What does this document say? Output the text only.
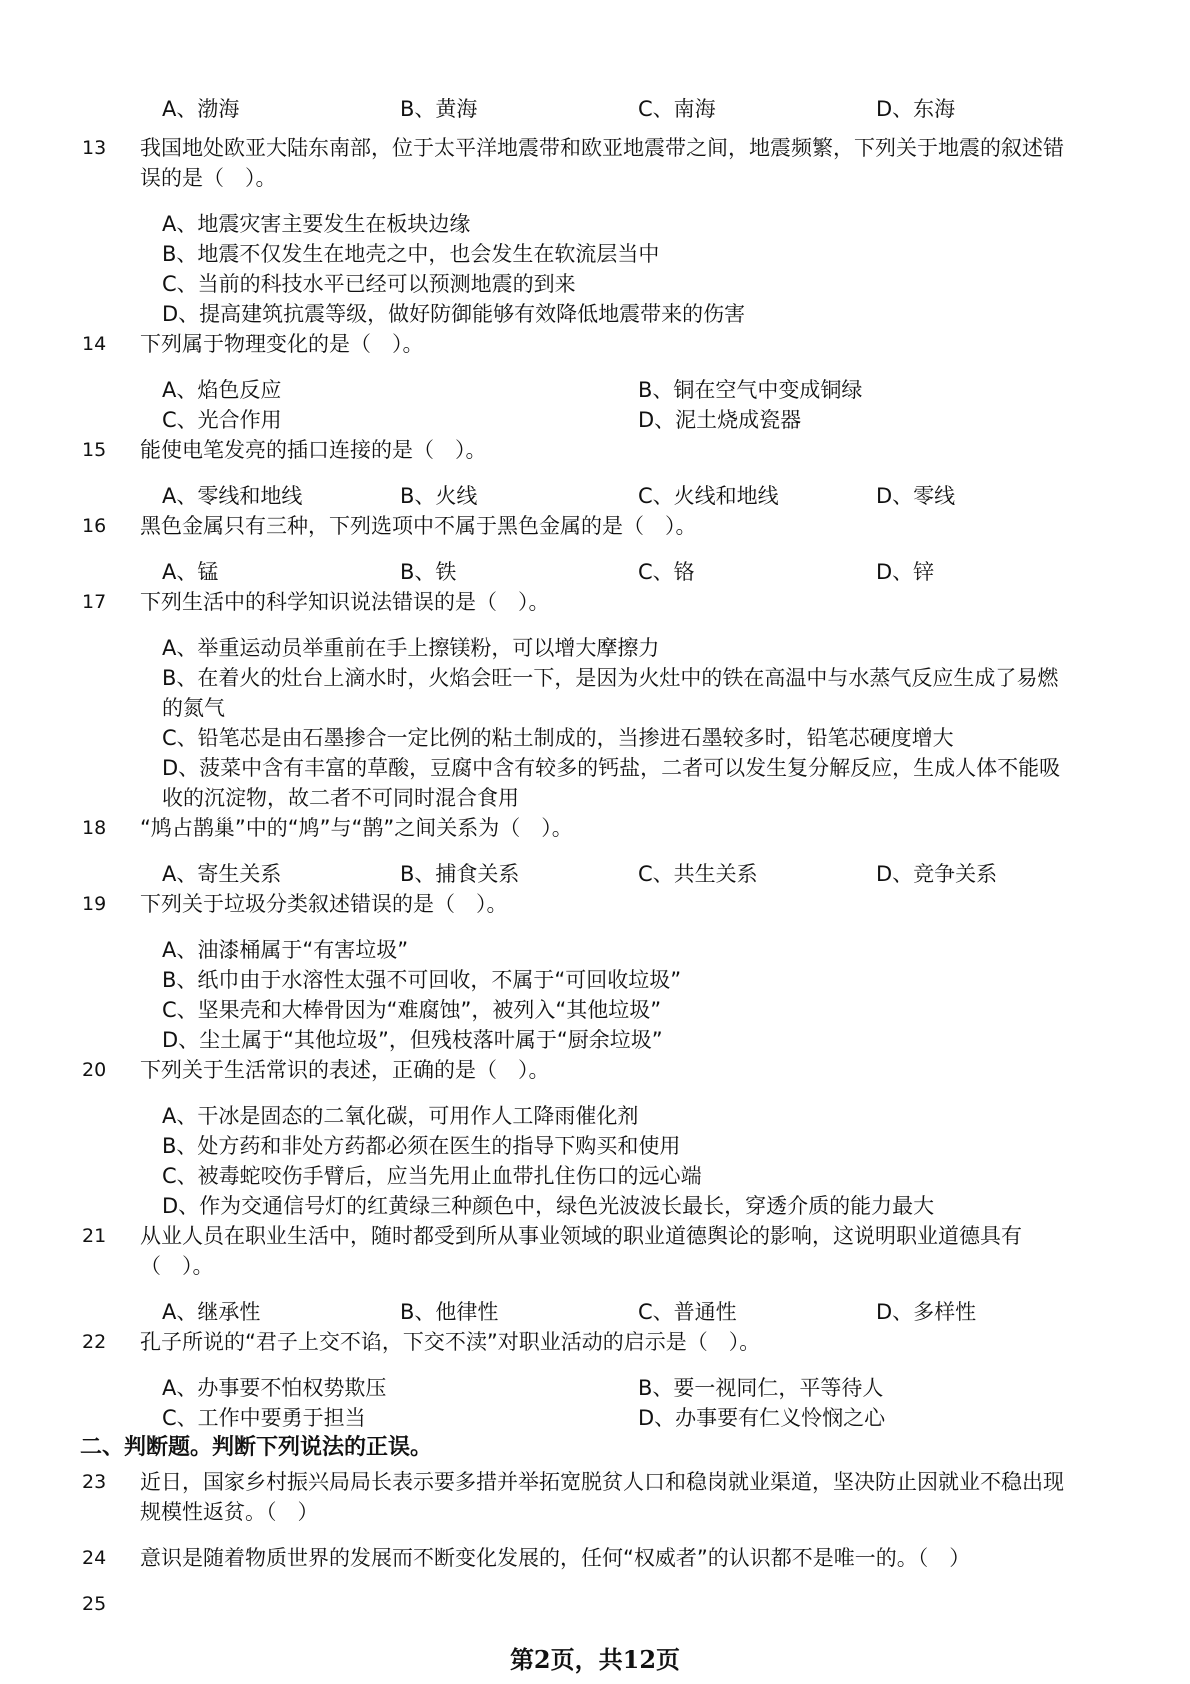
A、渤海	B、黄海	C、南海	D、东海
13 我国地处欧亚大陆东南部，位于太平洋地震带和欧亚地震带之间，地震频繁，下列关于地震的叙述错误的是（　）。
A、地震灾害主要发生在板块边缘
B、地震不仅发生在地壳之中，也会发生在软流层当中
C、当前的科技水平已经可以预测地震的到来
D、提高建筑抗震等级，做好防御能够有效降低地震带来的伤害
14 下列属于物理变化的是（　）。
A、焰色反应	B、铜在空气中变成铜绿
C、光合作用	D、泥土烧成瓷器
15 能使电笔发亮的插口连接的是（　）。
A、零线和地线	B、火线	C、火线和地线	D、零线
16 黑色金属只有三种，下列选项中不属于黑色金属的是（　）。
A、锰	B、铁	C、铬	D、锌
17 下列生活中的科学知识说法错误的是（　）。
A、举重运动员举重前在手上擦镁粉，可以增大摩擦力
B、在着火的灶台上滴水时，火焰会旺一下，是因为火灶中的铁在高温中与水蒸气反应生成了易燃的氮气
C、铅笔芯是由石墨掺合一定比例的粘土制成的，当掺进石墨较多时，铅笔芯硬度增大
D、菠菜中含有丰富的草酸，豆腐中含有较多的钙盐，二者可以发生复分解反应，生成人体不能吸收的沉淀物，故二者不可同时混合食用
18 “鸠占鹊巢”中的“鸠”与“鹊”之间关系为（　）。
A、寄生关系	B、捕食关系	C、共生关系	D、竞争关系
19 下列关于垃圾分类叙述错误的是（　）。
A、油漆桶属于“有害垃圾”
B、纸巾由于水溶性太强不可回收，不属于“可回收垃圾”
C、坚果壳和大棒骨因为“难腐蚀”，被列入“其他垃圾”
D、尘土属于“其他垃圾”，但残枝落叶属于“厨余垃圾”
20 下列关于生活常识的表述，正确的是（　）。
A、干冰是固态的二氧化碳，可用作人工降雨催化剂
B、处方药和非处方药都必须在医生的指导下购买和使用
C、被毒蛇咬伤手臂后，应当先用止血带扎住伤口的远心端
D、作为交通信号灯的红黄绿三种颜色中，绿色光波波长最长，穿透介质的能力最大
21 从业人员在职业生活中，随时都受到所从事业领域的职业道德舆论的影响，这说明职业道德具有（　）。
A、继承性	B、他律性	C、普通性	D、多样性
22 孔子所说的“君子上交不谄，下交不渎”对职业活动的启示是（　）。
A、办事要不怕权势欺压	B、要一视同仁，平等待人
C、工作中要勇于担当	D、办事要有仁义怜悯之心
二、判断题。判断下列说法的正误。
23 近日，国家乡村振兴局局长表示要多措并举拓宽脱贫人口和稳岗就业渠道，坚决防止因就业不稳出现规模性返贫。（　）
24 意识是随着物质世界的发展而不断变化发展的，任何“权威者”的认识都不是唯一的。（　）
25
第2页，共12页
